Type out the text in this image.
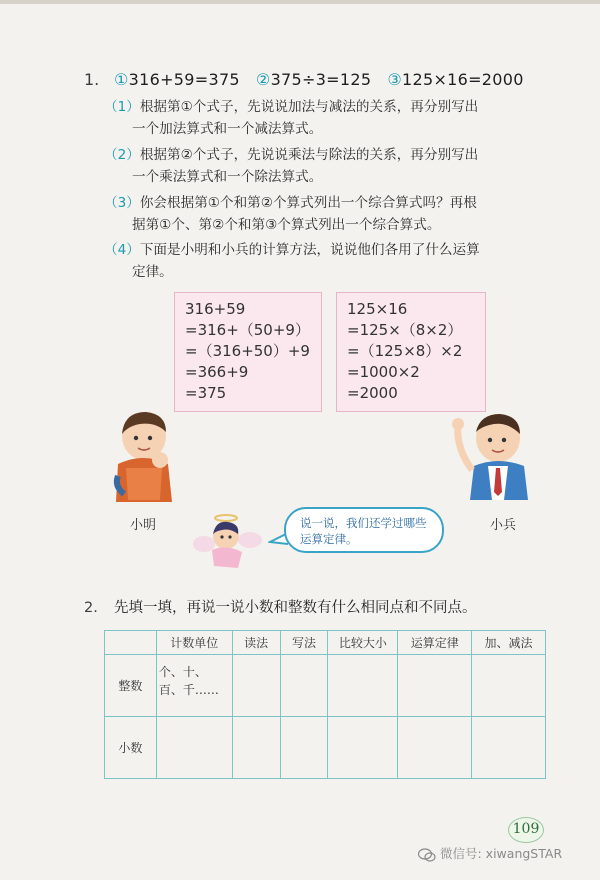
1. ①316+59=375 ②375÷3=125 ③125×16=2000
（1）根据第①个式子，先说说加法与减法的关系，再分别写出
一个加法算式和一个减法算式。
（2）根据第②个式子，先说说乘法与除法的关系，再分别写出
一个乘法算式和一个除法算式。
（3）你会根据第①个和第②个算式列出一个综合算式吗？再根
据第①个、第②个和第③个算式列出一个综合算式。
（4）下面是小明和小兵的计算方法，说说他们各用了什么运算
定律。
316+59
=316+（50+9）
=（316+50）+9
=366+9
=375
125×16
=125×（8×2）
=（125×8）×2
=1000×2
=2000
小明	小兵
说一说，我们还学过哪些运算定律。
2. 先填一填，再说一说小数和整数有什么相同点和不同点。
	计数单位	读法	写法	比较大小	运算定律	加、减法
整数	个、十、百、千……					
小数						
109
微信号: xiwangSTAR
